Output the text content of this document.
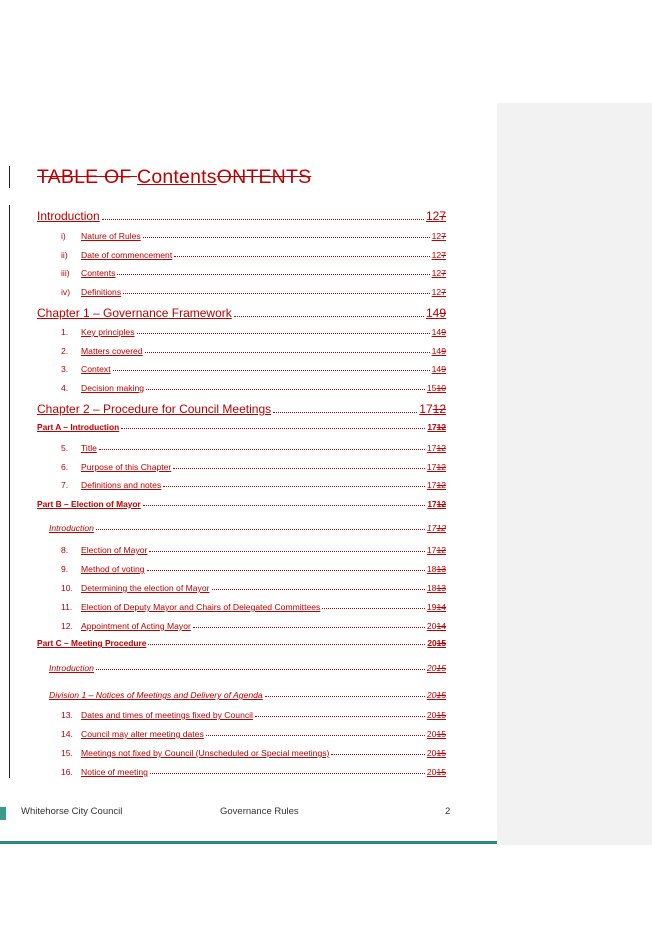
TABLE OF ContentsONTENTS
Introduction	127
i) Nature of Rules	127
ii) Date of commencement	127
iii) Contents	127
iv) Definitions	127
Chapter 1 – Governance Framework	149
1. Key principles	149
2. Matters covered	149
3. Context	149
4. Decision making	1510
Chapter 2 – Procedure for Council Meetings	1712
Part A – Introduction	1712
5. Title	1712
6. Purpose of this Chapter	1712
7. Definitions and notes	1712
Part B – Election of Mayor	1712
Introduction	1712
8. Election of Mayor	1712
9. Method of voting	1813
10. Determining the election of Mayor	1813
11. Election of Deputy Mayor and Chairs of Delegated Committees	1914
12. Appointment of Acting Mayor	2014
Part C – Meeting Procedure	2015
Introduction	2015
Division 1 – Notices of Meetings and Delivery of Agenda	2015
13. Dates and times of meetings fixed by Council	2015
14. Council may alter meeting dates	2015
15. Meetings not fixed by Council (Unscheduled or Special meetings)	2015
16. Notice of meeting	2015
Whitehorse City Council	Governance Rules	2
